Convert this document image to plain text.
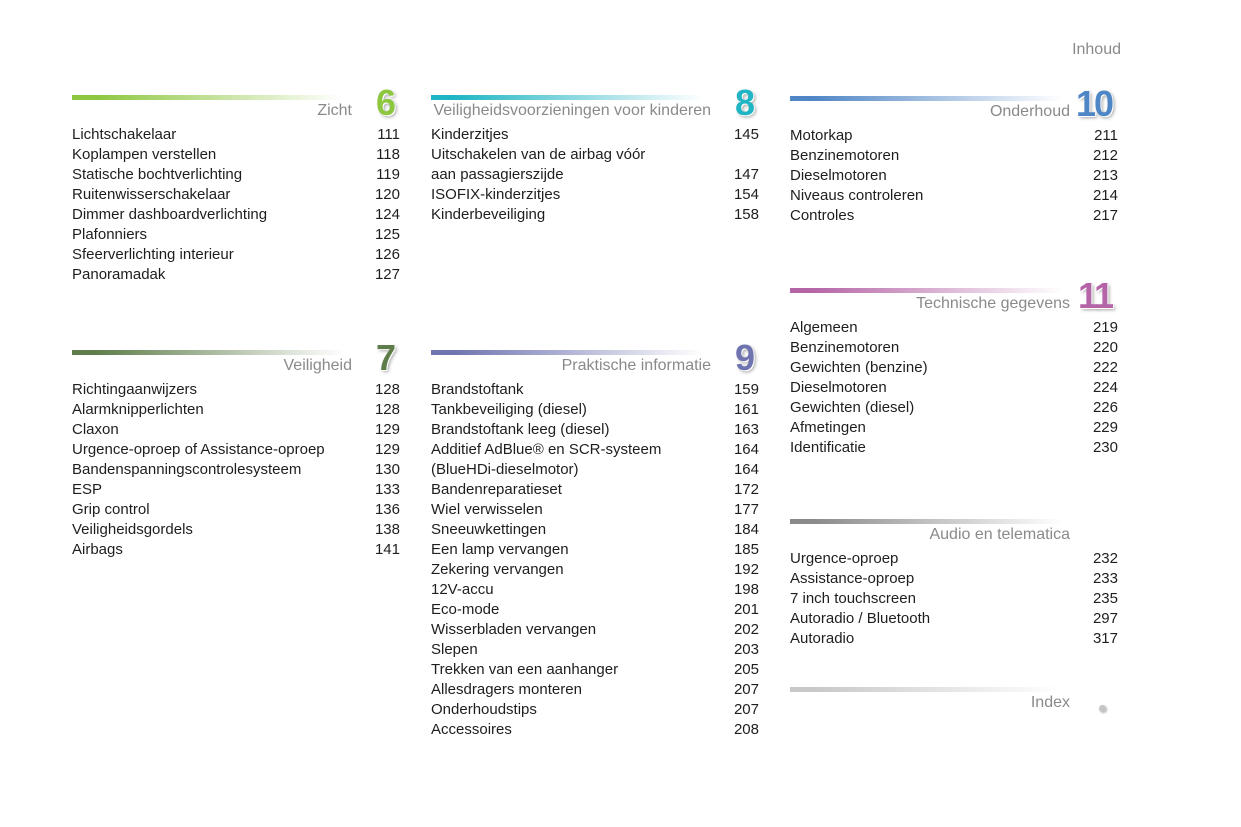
Inhoud
Zicht 6
Lichtschakelaar	111
Koplampen verstellen	118
Statische bochtverlichting	119
Ruitenwisserschakelaar	120
Dimmer dashboardverlichting	124
Plafonniers	125
Sfeerverlichting interieur	126
Panoramadak	127
Veiligheid 7
Richtingaanwijzers	128
Alarmknipperlichten	128
Claxon	129
Urgence-oproep of Assistance-oproep	129
Bandenspanningscontrolesysteem	130
ESP	133
Grip control	136
Veiligheidsgordels	138
Airbags	141
Veiligheidsvoorzieningen voor kinderen 8
Kinderzitjes	145
Uitschakelen van de airbag vóór
aan passagierszijde	147
ISOFIX-kinderzitjes	154
Kinderbeveiliging	158
Praktische informatie 9
Brandstoftank	159
Tankbeveiliging (diesel)	161
Brandstoftank leeg (diesel)	163
Additief AdBlue® en SCR-systeem	164
(BlueHDi-dieselmotor)	164
Bandenreparatieset	172
Wiel verwisselen	177
Sneeuwkettingen	184
Een lamp vervangen	185
Zekering vervangen	192
12V-accu	198
Eco-mode	201
Wisserbladen vervangen	202
Slepen	203
Trekken van een aanhanger	205
Allesdragers monteren	207
Onderhoudstips	207
Accessoires	208
Onderhoud 10
Motorkap	211
Benzinemotoren	212
Dieselmotoren	213
Niveaus controleren	214
Controles	217
Technische gegevens 11
Algemeen	219
Benzinemotoren	220
Gewichten (benzine)	222
Dieselmotoren	224
Gewichten (diesel)	226
Afmetingen	229
Identificatie	230
Audio en telematica
Urgence-oproep	232
Assistance-oproep	233
7 inch touchscreen	235
Autoradio / Bluetooth	297
Autoradio	317
Index
